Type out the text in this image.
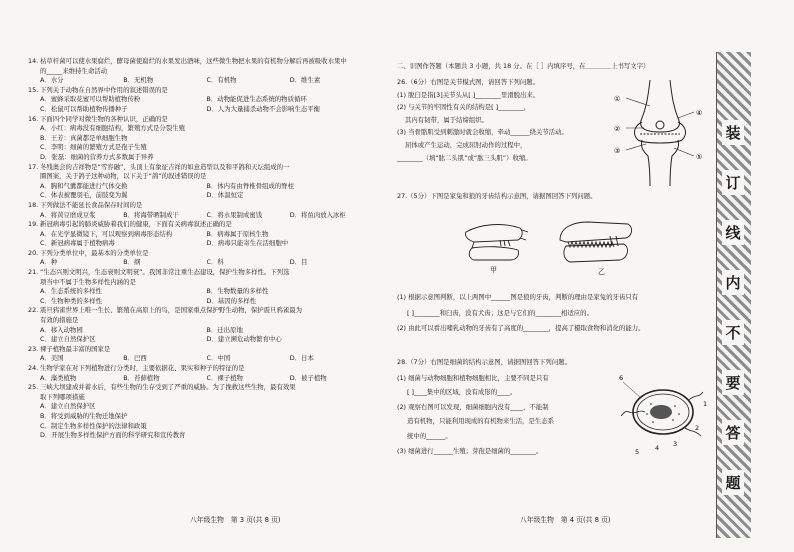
14. 枯草杆菌可以使水果腐烂，酵母菌使腐烂的水果发出酒味，这些微生物把水果的有机物分解后再被吸收水果中

的_____来维持生命活动

A．水分	B．无机物	C．有机物	D．维生素

15. 下列关于动物在自然界中作用的叙述错误的是

A．蜜蜂采取花蜜可以帮助植物传粉	B．动物能促进生态系统的物质循环
C．松鼠可以帮助植物传播种子	D．人为大量捕杀动物不会影响生态平衡

16. 下面四个同学对微生物的各种认识，正确的是

A．小红：病毒没有细胞结构，繁殖方式是分裂生殖
B．王芳：真菌都是单细胞生物
C．李明：细菌的繁殖方式是孢子生殖
D．张磊：细菌的营养方式多数属于异养

17. 冬残奥会的吉祥物是“雪容融”，头顶上有象征吉祥的如意造型以及和平鸽和天坛组成的一

圈图案，关于鸽子这种动物，以下关于“鸽”的叙述错误的是

A．胸和气囊都能进行气体交换	B．体内有由脊椎骨组成的脊柱
C．体表被覆羽毛，前肢变为翼	D．体温恒定

18. 下列做法不能延长食品保存时间的是

A．将黄豆磨成豆浆	B．将海带晒制成干	C．将水果制成蜜饯	D．将鱼肉放入冰柜

19. 新冠病毒引起的肺炎威胁着我们的健康，下面有关病毒叙述正确的是

A．在光学显微镜下，可以观察到病毒形态结构	B．病毒属于原核生物
C．新冠病毒属于植物病毒	D．病毒只能寄生在活细胞中

20. 下列分类单位中，最基本的分类单位是

A．种	B．纲	C．科	D．目

21. “生态兴则文明兴，生态衰则文明衰”。我国非常注重生态建设，保护生物多样性。下列选

项当中不属于生物多样性内涵的是

A．生态系统的多样性	B．生物数量的多样性
C．生物种类的多样性	D．基因的多样性

22. 震旦鸦雀世界上唯一生长、繁殖在高原上的鸟，是国家重点保护野生动物，保护震旦鸦雀最为

有效的措施是

A．移入动物园	B．迁出原地
C．建立自然保护区	D．建立濒危动物繁育中心

23. 裸子植物最丰富的国家是

A．美国	B．巴西	C．中国	D．日本

24. 生物学家在对下列植物进行分类时，主要依据花、果实和种子的特征的是

A．藻类植物	B．苔藓植物	C．裸子植物	D．被子植物

25. 三峡大坝建成并蓄水后，有些生物的生存受到了严重的威胁。为了挽救这些生物，最有效果

取下列哪项措施

A．建立自然保护区
B．将受到威胁的生物迁地保护
C．制定生物多样性保护的法律和政策
D．开展生物多样性保护方面的科学研究和宣传教育
八年级生物　第 3 页(共 8 页)

二、识图作答题（本题共 3 小题，共 18 分。在［ ］内填序号，在＿＿＿＿上书写文字）

26.（6分）右图是关节模式图，请回答下列问题。

(1) 脱臼是指[3]关节头从[ ]________里滑脱出来。

(2) 与关节的牢固性有关的结构是[ ]________，

其内有韧带，属于结缔组织。

(3) 当骨骼肌受到刺激时就会收缩，牵动______绕关节活动。

屈体或产生运动，完成屈肘动作的过程中，

________（填“肱二头肌”或“肱三头肌”）收缩。

27.（5分）下图是家兔和狼的牙齿结构示意图，请据图回答下列问题。

(1) 根据示意图判断，以上两图中______图是狼的牙齿，判断的理由是家兔的牙齿只有

[ ]________和臼齿，没有犬齿；这是与它们的________相适应的。

(2) 由此可以看出哺乳动物的牙齿有了高度的________，提高了摄取食物和消化的能力。

28.（7分）右图是细菌的结构示意图，请据图回答下列问题。

(1) 细菌与动物细胞和植物细胞相比，主要不同是只有

[ ]____集中的区域，没有成形的____。

(2) 观察右图可以发现，细菌细胞内没有____，不能制

造有机物，只能利用现成的有机物来生活，是生态系

统中的______。

(3) 细菌进行______生殖；芽孢是细菌的________。

八年级生物　第 4 页(共 8 页)
①
②
③
④
⑤
甲	乙
6
1
2
3
4
5
装
订
线
内
不
要
答
题
